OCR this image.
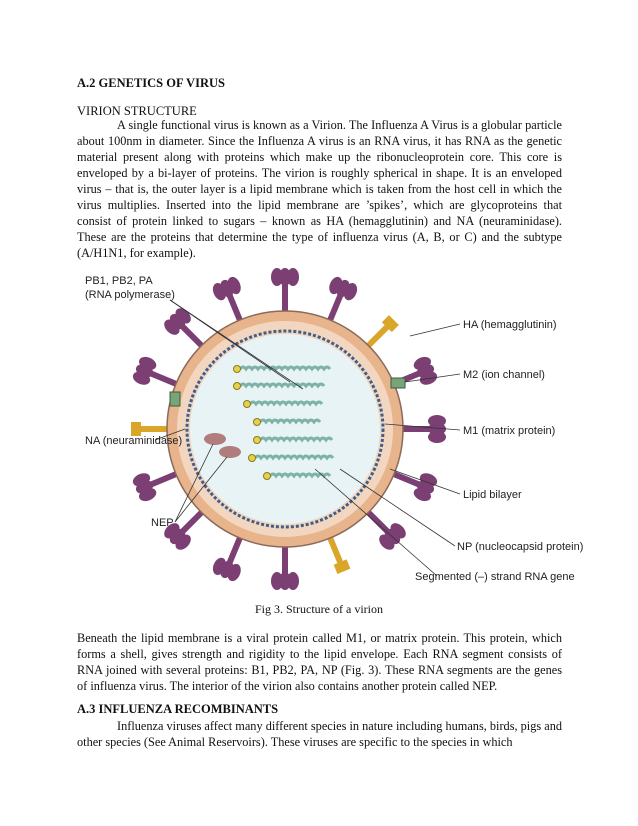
A.2 GENETICS OF VIRUS
VIRION STRUCTURE
A single functional virus is known as a Virion. The Influenza A Virus is a globular particle about 100nm in diameter. Since the Influenza A virus is an RNA virus, it has RNA as the genetic material present along with proteins which make up the ribonucleoprotein core. This core is enveloped by a bi-layer of proteins. The virion is roughly spherical in shape. It is an enveloped virus – that is, the outer layer is a lipid membrane which is taken from the host cell in which the virus multiplies. Inserted into the lipid membrane are ’spikes’, which are glycoproteins that consist of protein linked to sugars – known as HA (hemagglutinin) and NA (neuraminidase). These are the proteins that determine the type of influenza virus (A, B, or C) and the subtype (A/H1N1, for example).
PB1, PB2, PA
(RNA polymerase)
HA (hemagglutinin)
M2 (ion channel)
M1 (matrix protein)
NA (neuraminidase)
Lipid bilayer
NEP
NP (nucleocapsid protein)
Segmented (–) strand RNA gene
Fig 3. Structure of a virion
Beneath the lipid membrane is a viral protein called M1, or matrix protein. This protein, which forms a shell, gives strength and rigidity to the lipid envelope. Each RNA segment consists of RNA joined with several proteins: B1, PB2, PA, NP (Fig. 3). These RNA segments are the genes of influenza virus. The interior of the virion also contains another protein called NEP.
A.3 INFLUENZA RECOMBINANTS
Influenza viruses affect many different species in nature including humans, birds, pigs and other species (See Animal Reservoirs). These viruses are specific to the species in which
